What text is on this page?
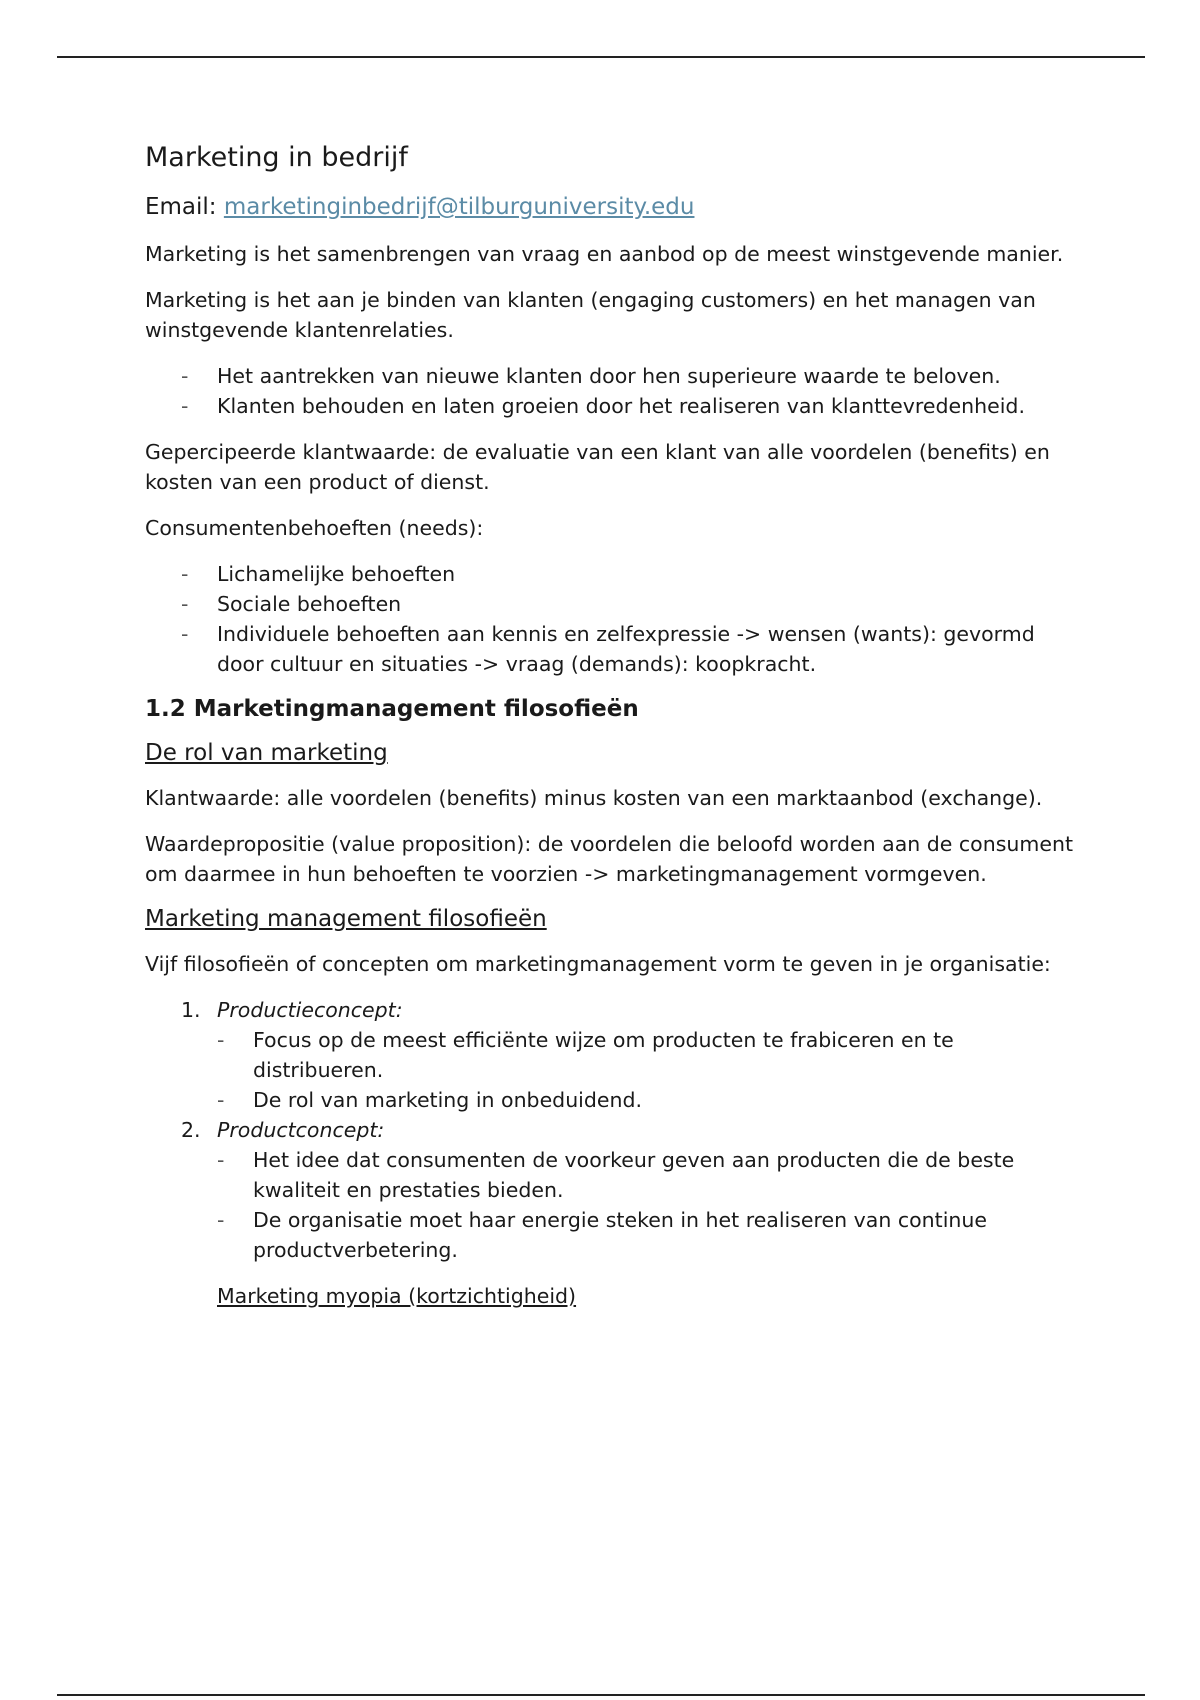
Marketing in bedrijf
Email: marketinginbedrijf@tilburguniversity.edu

Marketing is het samenbrengen van vraag en aanbod op de meest winstgevende manier.

Marketing is het aan je binden van klanten (engaging customers) en het managen van winstgevende klantenrelaties.

- Het aantrekken van nieuwe klanten door hen superieure waarde te beloven.
- Klanten behouden en laten groeien door het realiseren van klanttevredenheid.

Gepercipeerde klantwaarde: de evaluatie van een klant van alle voordelen (benefits) en kosten van een product of dienst.

Consumentenbehoeften (needs):

- Lichamelijke behoeften
- Sociale behoeften
- Individuele behoeften aan kennis en zelfexpressie -> wensen (wants): gevormd door cultuur en situaties -> vraag (demands): koopkracht.
1.2 Marketingmanagement filosofieën
De rol van marketing

Klantwaarde: alle voordelen (benefits) minus kosten van een marktaanbod (exchange).

Waardepropositie (value proposition): de voordelen die beloofd worden aan de consument om daarmee in hun behoeften te voorzien -> marketingmanagement vormgeven.

Marketing management filosofieën

Vijf filosofieën of concepten om marketingmanagement vorm te geven in je organisatie:

1. Productieconcept:
- Focus op de meest efficiënte wijze om producten te frabiceren en te distribueren.
- De rol van marketing in onbeduidend.
2. Productconcept:
- Het idee dat consumenten de voorkeur geven aan producten die de beste kwaliteit en prestaties bieden.
- De organisatie moet haar energie steken in het realiseren van continue productverbetering.
Marketing myopia (kortzichtigheid)
